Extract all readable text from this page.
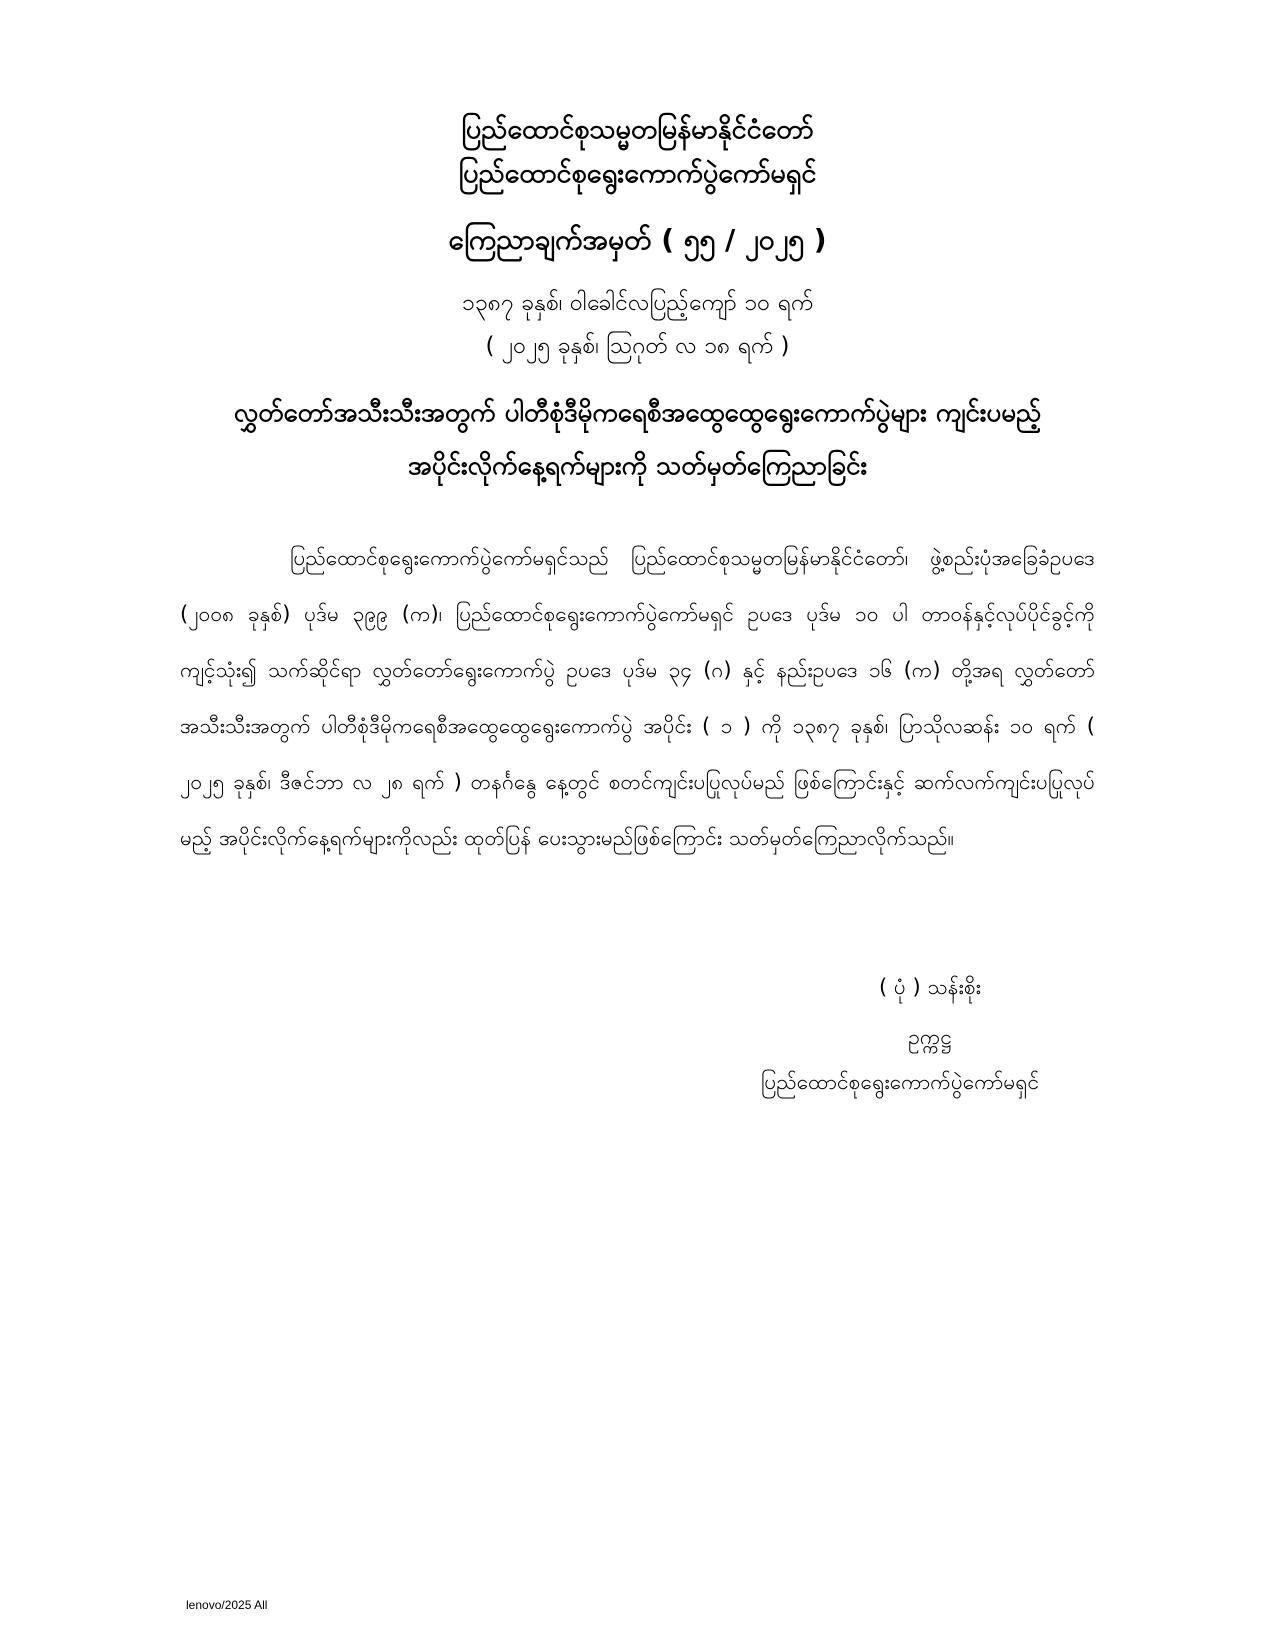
ပြည်ထောင်စုသမ္မတမြန်မာနိုင်ငံတော်
ပြည်ထောင်စုရွေးကောက်ပွဲကော်မရှင်
ကြေညာချက်အမှတ် ( ၅၅ / ၂၀၂၅ )
၁၃၈၇ ခုနှစ်၊ ဝါခေါင်လပြည့်ကျော် ၁၀ ရက်
( ၂၀၂၅ ခုနှစ်၊ ဩဂုတ် လ ၁၈ ရက် )
လွှတ်တော်အသီးသီးအတွက် ပါတီစုံဒီမိုကရေစီအထွေထွေရွေးကောက်ပွဲများ ကျင်းပမည့်
အပိုင်းလိုက်နေ့ရက်များကို သတ်မှတ်ကြေညာခြင်း

ပြည်ထောင်စုရွေးကောက်ပွဲကော်မရှင်သည် ပြည်ထောင်စုသမ္မတမြန်မာနိုင်ငံတော်၊ ဖွဲ့စည်းပုံအခြေခံဥပဒေ (၂၀၀၈ ခုနှစ်) ပုဒ်မ ၃၉၉ (က)၊ ပြည်ထောင်စုရွေးကောက်ပွဲကော်မရှင် ဥပဒေ ပုဒ်မ ၁၀ ပါ တာဝန်နှင့်လုပ်ပိုင်ခွင့်ကိုကျင့်သုံး၍ သက်ဆိုင်ရာ လွှတ်တော်ရွေးကောက်ပွဲ ဥပဒေ ပုဒ်မ ၃၄ (ဂ) နှင့် နည်းဥပဒေ ၁၆ (က) တို့အရ လွှတ်တော်အသီးသီးအတွက် ပါတီစုံဒီမိုကရေစီအထွေထွေရွေးကောက်ပွဲ အပိုင်း ( ၁ ) ကို ၁၃၈၇ ခုနှစ်၊ ပြာသိုလဆန်း ၁၀ ရက် ( ၂၀၂၅ ခုနှစ်၊ ဒီဇင်ဘာ လ ၂၈ ရက် ) တနင်္ဂနွေ နေ့တွင် စတင်ကျင်းပပြုလုပ်မည် ဖြစ်ကြောင်းနှင့် ဆက်လက်ကျင်းပပြုလုပ်မည့် အပိုင်းလိုက်နေ့ရက်များကိုလည်း ထုတ်ပြန် ပေးသွားမည်ဖြစ်ကြောင်း သတ်မှတ်ကြေညာလိုက်သည်။

( ပုံ ) သန်းစိုး
ဥက္ကဋ္ဌ
ပြည်ထောင်စုရွေးကောက်ပွဲကော်မရှင်
lenovo/2025 All
